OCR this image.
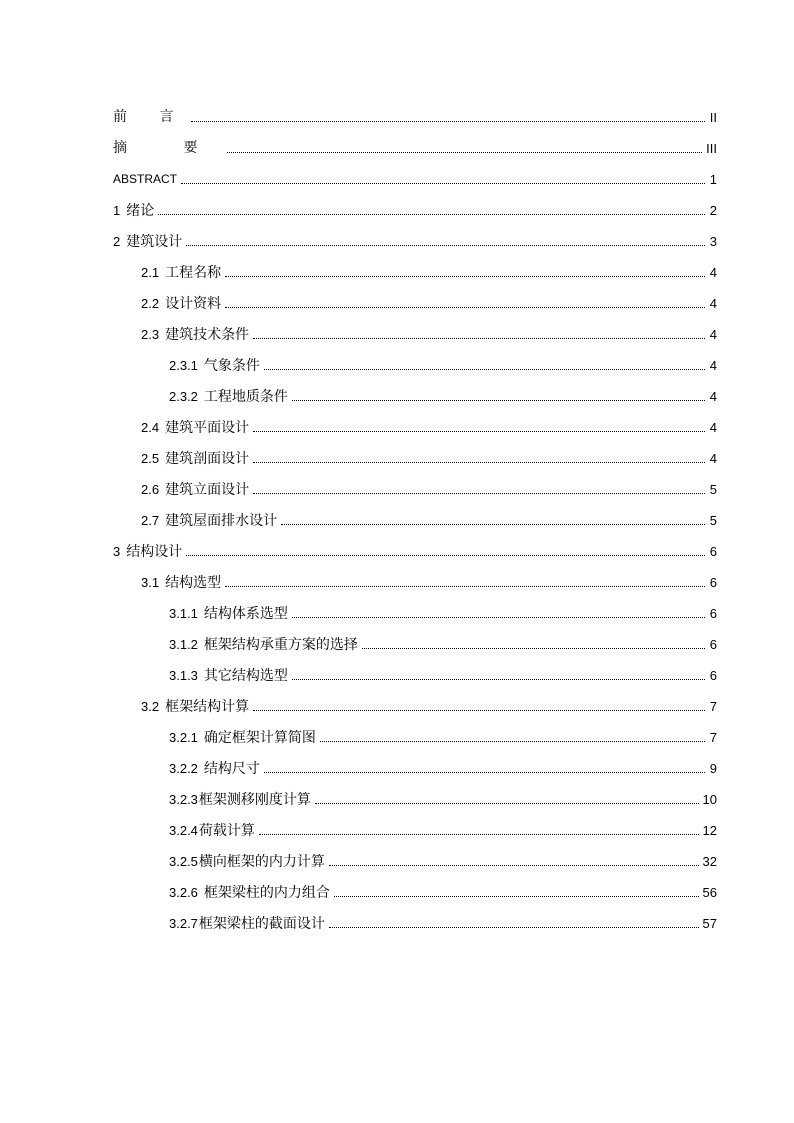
前 言	II
摘 要	III
ABSTRACT	1
1 绪论	2
2 建筑设计	3
2.1 工程名称	4
2.2 设计资料	4
2.3 建筑技术条件	4
2.3.1 气象条件	4
2.3.2 工程地质条件	4
2.4 建筑平面设计	4
2.5 建筑剖面设计	4
2.6 建筑立面设计	5
2.7 建筑屋面排水设计	5
3 结构设计	6
3.1 结构选型	6
3.1.1 结构体系选型	6
3.1.2 框架结构承重方案的选择	6
3.1.3 其它结构选型	6
3.2 框架结构计算	7
3.2.1 确定框架计算简图	7
3.2.2 结构尺寸	9
3.2.3框架测移刚度计算	10
3.2.4荷载计算	12
3.2.5横向框架的内力计算	32
3.2.6 框架梁柱的内力组合	56
3.2.7框架梁柱的截面设计	57
